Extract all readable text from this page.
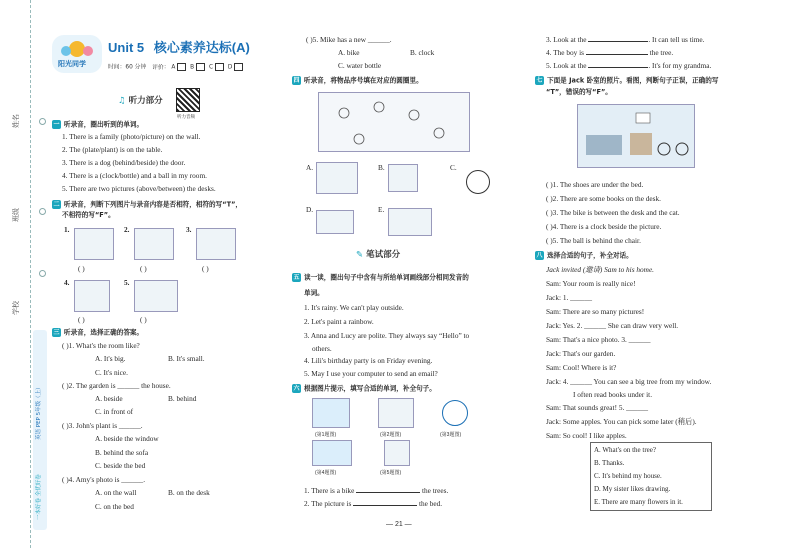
姓名
班级
学校
英语 PEP 5年级（上）
一本好卷 全优好卷
阳光同学
Unit 5 核心素养达标(A)
时间：60 分钟 评价： A	B	C	D
♫ 听力部分
听力音频
一 听录音，圈出听到的单词。
1. There is a family (photo/picture) on the wall.
2. The (plate/plant) is on the table.
3. There is a dog (behind/beside) the door.
4. There is a (clock/bottle) and a ball in my room.
5. There are two pictures (above/between) the desks.
二 听录音，判断下列图片与录音内容是否相符，相符的写“T”，
不相符的写“F”。
1.
( )
2.
( )
3.
( )
4.
( )
5.
( )
三 听录音，选择正确的答案。
( )1. What's the room like?
A. It's big.	B. It's small.
C. It's nice.
( )2. The garden is ______ the house.
A. beside	B. behind
C. in front of
( )3. John's plant is ______.
A. beside the window
B. behind the sofa
C. beside the bed
( )4. Amy's photo is ______.
A. on the wall	B. on the desk
C. on the bed
( )5. Mike has a new ______.
A. bike	B. clock
C. water bottle
四 听录音，将物品序号填在对应的圆圈里。
A.	B.	C.
D.	E.
✎ 笔试部分
五 读一读，圈出句子中含有与所给单词画线部分相同发音的
单词。
1. It's rainy. We can't play outside.
2. Let's paint a rainbow.
3. Anna and Lucy are polite. They always say “Hello” to
others.
4. Lili's birthday party is on Friday evening.
5. May I use your computer to send an email?
六 根据图片提示，填写合适的单词，补全句子。
(第1题图)	(第2题图)	(第3题图)
(第4题图)	(第5题图)
1. There is a bike	the trees.
2. The picture is	the bed.
3. Look at the	. It can tell us time.
4. The boy is	the tree.
5. Look at the	. It's for my grandma.
七 下面是 Jack 卧室的照片。看图，判断句子正误，正确的写
“T”，错误的写“F”。
( )1. The shoes are under the bed.
( )2. There are some books on the desk.
( )3. The bike is between the desk and the cat.
( )4. There is a clock beside the picture.
( )5. The ball is behind the chair.
八 选择合适的句子，补全对话。
Jack invited (邀请) Sam to his home.
Sam: Your room is really nice!
Jack: 1. ______
Sam: There are so many pictures!
Jack: Yes. 2. ______ She can draw very well.
Sam: That's a nice photo. 3. ______
Jack: That's our garden.
Sam: Cool! Where is it?
Jack: 4. ______ You can see a big tree from my window.
I often read books under it.
Sam: That sounds great! 5. ______
Jack: Some apples. You can pick some later (稍后).
Sam: So cool! I like apples.
A. What's on the tree?
B. Thanks.
C. It's behind my house.
D. My sister likes drawing.
E. There are many flowers in it.
— 21 —
